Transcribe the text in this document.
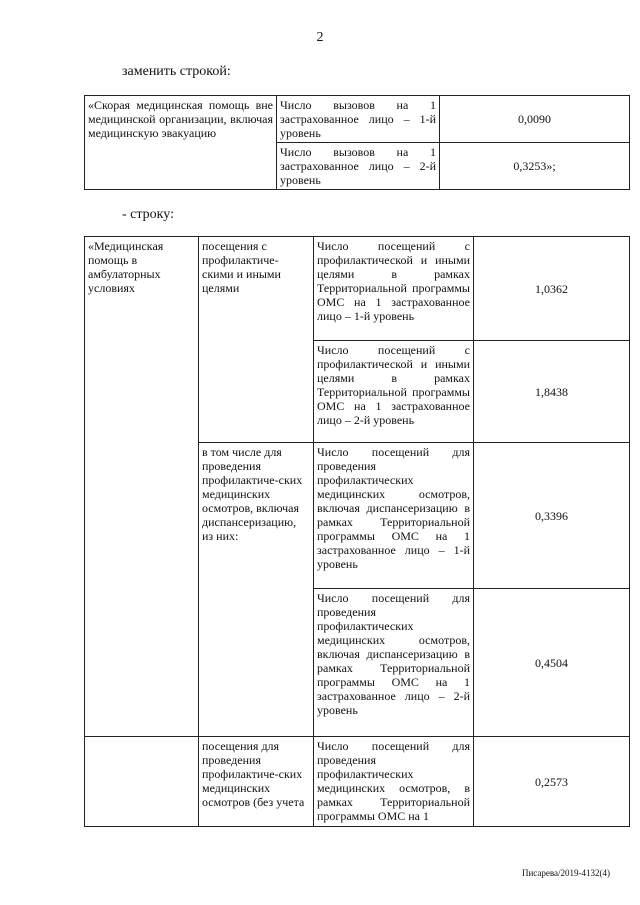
2
заменить строкой:
«Скорая медицинская помощь вне медицинской организации, включая медицинскую эвакуацию	Число вызовов на 1 застрахованное лицо – 1-й уровень	0,0090
	Число вызовов на 1 застрахованное лицо – 2-й уровень	0,3253»;
- строку:
«Медицинская помощь в амбулаторных условиях	посещения с профилактиче-скими и иными целями	Число посещений с профилактической и иными целями в рамках Территориальной программы ОМС на 1 застрахованное лицо – 1-й уровень	1,0362
		Число посещений с профилактической и иными целями в рамках Территориальной программы ОМС на 1 застрахованное лицо – 2-й уровень	1,8438
	в том числе для проведения профилактиче-ских медицинских осмотров, включая диспансеризацию, из них:	Число посещений для проведения профилактических медицинских осмотров, включая диспансеризацию в рамках Территориальной программы ОМС на 1 застрахованное лицо – 1-й уровень	0,3396
		Число посещений для проведения профилактических медицинских осмотров, включая диспансеризацию в рамках Территориальной программы ОМС на 1 застрахованное лицо – 2-й уровень	0,4504
	посещения для проведения профилактиче-ских медицинских осмотров (без учета	Число посещений для проведения профилактических медицинских осмотров, в рамках Территориальной программы ОМС на 1	0,2573
Писарева/2019-4132(4)
